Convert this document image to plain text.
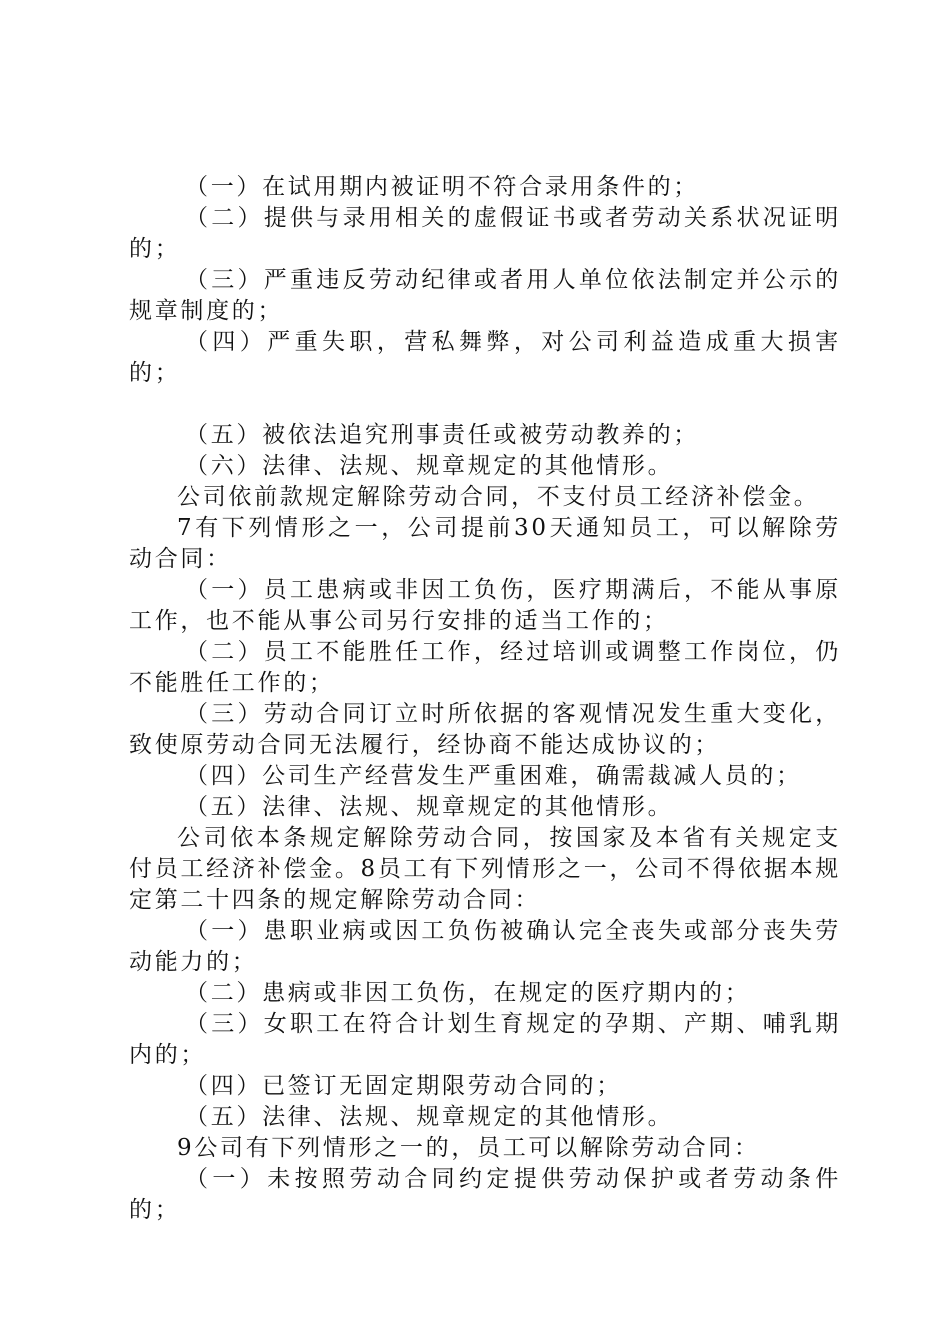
（一）在试用期内被证明不符合录用条件的；

（二）提供与录用相关的虚假证书或者劳动关系状况证明的；

（三）严重违反劳动纪律或者用人单位依法制定并公示的规章制度的；

（四）严重失职，营私舞弊，对公司利益造成重大损害的；

（五）被依法追究刑事责任或被劳动教养的；

（六）法律、法规、规章规定的其他情形。

公司依前款规定解除劳动合同，不支付员工经济补偿金。

7有下列情形之一，公司提前30天通知员工，可以解除劳动合同：

（一）员工患病或非因工负伤，医疗期满后，不能从事原工作，也不能从事公司另行安排的适当工作的；

（二）员工不能胜任工作，经过培训或调整工作岗位，仍不能胜任工作的；

（三）劳动合同订立时所依据的客观情况发生重大变化，致使原劳动合同无法履行，经协商不能达成协议的；

（四）公司生产经营发生严重困难，确需裁减人员的；

（五）法律、法规、规章规定的其他情形。

公司依本条规定解除劳动合同，按国家及本省有关规定支付员工经济补偿金。8员工有下列情形之一，公司不得依据本规定第二十四条的规定解除劳动合同：

（一）患职业病或因工负伤被确认完全丧失或部分丧失劳动能力的；

（二）患病或非因工负伤，在规定的医疗期内的；

（三）女职工在符合计划生育规定的孕期、产期、哺乳期内的；

（四）已签订无固定期限劳动合同的；

（五）法律、法规、规章规定的其他情形。

9公司有下列情形之一的，员工可以解除劳动合同：

（一）未按照劳动合同约定提供劳动保护或者劳动条件的；
